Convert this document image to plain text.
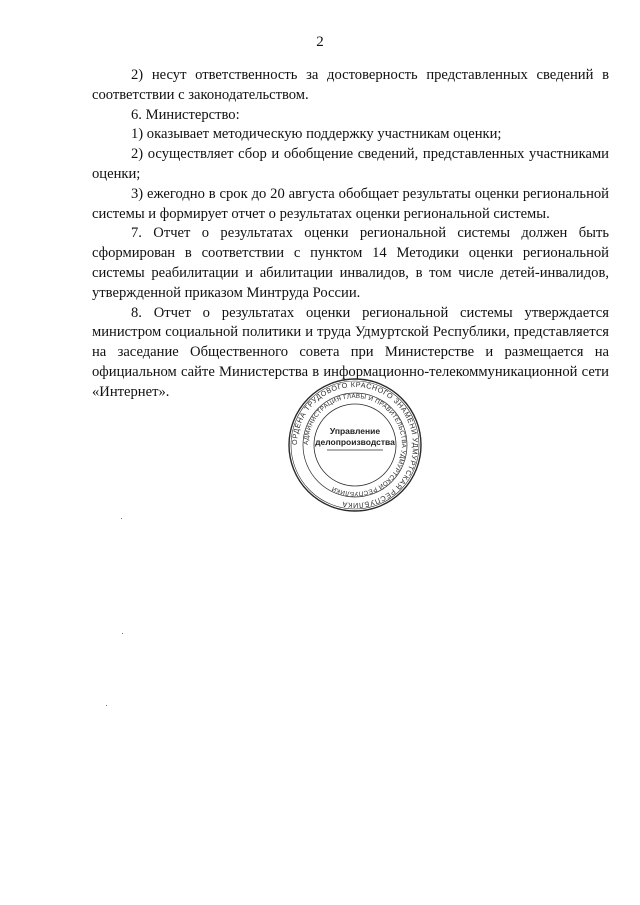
2

2) несут ответственность за достоверность представленных сведений в соответствии с законодательством.

6. Министерство:

1) оказывает методическую поддержку участникам оценки;

2) осуществляет сбор и обобщение сведений, представленных участниками оценки;

3) ежегодно в срок до 20 августа обобщает результаты оценки региональной системы и формирует отчет о результатах оценки региональной системы.

7. Отчет о результатах оценки региональной системы должен быть сформирован в соответствии с пунктом 14 Методики оценки региональной системы реабилитации и абилитации инвалидов, в том числе детей-инвалидов, утвержденной приказом Минтруда России.

8. Отчет о результатах оценки региональной системы утверждается министром социальной политики и труда Удмуртской Республики, представляется на заседание Общественного совета при Министерстве и размещается на официальном сайте Министерства в информационно-телекоммуникационной сети «Интернет».

ОРДЕНА ТРУДОВОГО КРАСНОГО ЗНАМЕНИ УДМУРТСКАЯ РЕСПУБЛИКА
АДМИНИСТРАЦИЯ ГЛАВЫ И ПРАВИТЕЛЬСТВА УДМУРТСКОЙ РЕСПУБЛИКИ
Управление
делопроизводства
